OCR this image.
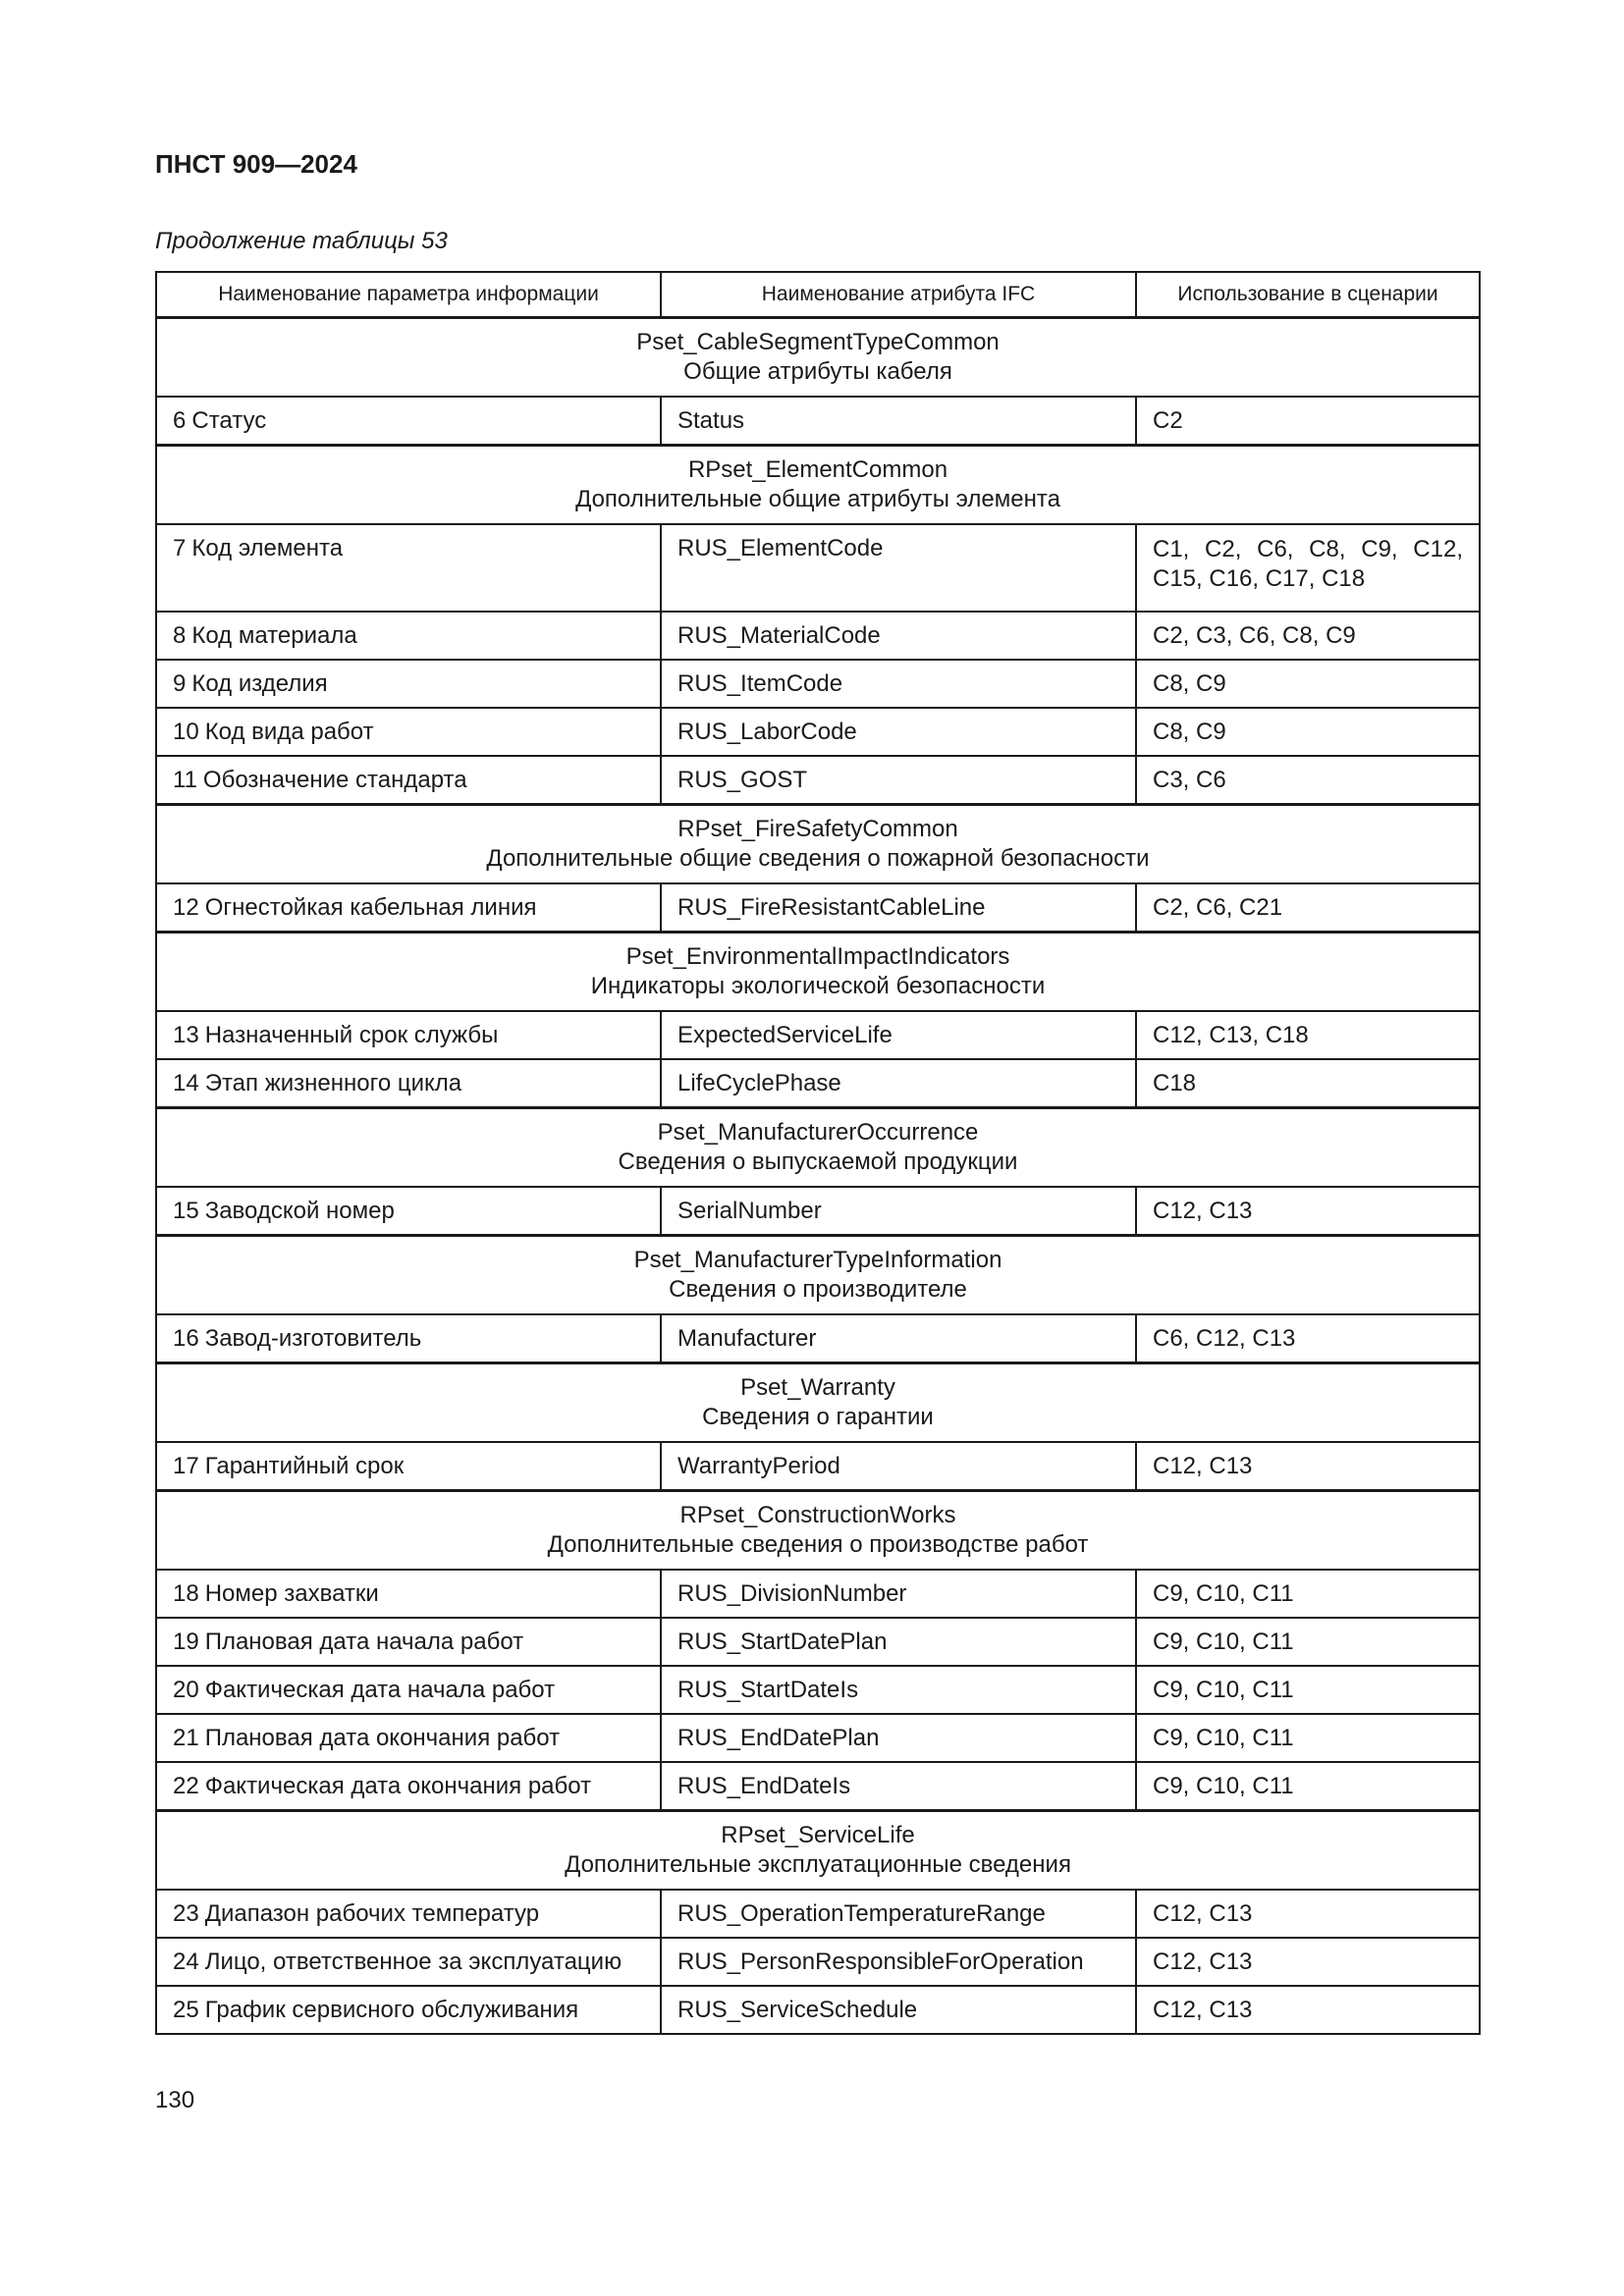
ПНСТ 909—2024
Продолжение таблицы 53
Наименование параметра информации	Наименование атрибута IFC	Использование в сценарии

Pset_CableSegmentTypeCommon
Общие атрибуты кабеля		

6 Статус	Status	C2

RPset_ElementCommon
Дополнительные общие атрибуты элемента		

7 Код элемента	RUS_ElementCode	C1, C2, C6, C8, C9, C12, C15, C16, C17, C18
8 Код материала	RUS_MaterialCode	C2, C3, C6, C8, C9
9 Код изделия	RUS_ItemCode	C8, C9
10 Код вида работ	RUS_LaborCode	C8, C9
11 Обозначение стандарта	RUS_GOST	C3, C6

RPset_FireSafetyCommon
Дополнительные общие сведения о пожарной безопасности		

12 Огнестойкая кабельная линия	RUS_FireResistantCableLine	C2, C6, C21

Pset_EnvironmentalImpactIndicators
Индикаторы экологической безопасности		

13 Назначенный срок службы	ExpectedServiceLife	C12, C13, C18
14 Этап жизненного цикла	LifeCyclePhase	C18

Pset_ManufacturerOccurrence
Сведения о выпускаемой продукции		

15 Заводской номер	SerialNumber	C12, C13

Pset_ManufacturerTypeInformation
Сведения о производителе		

16 Завод-изготовитель	Manufacturer	C6, C12, C13

Pset_Warranty
Сведения о гарантии		

17 Гарантийный срок	WarrantyPeriod	C12, C13

RPset_ConstructionWorks
Дополнительные сведения о производстве работ		

18 Номер захватки	RUS_DivisionNumber	C9, C10, C11
19 Плановая дата начала работ	RUS_StartDatePlan	C9, C10, C11
20 Фактическая дата начала работ	RUS_StartDateIs	C9, C10, C11
21 Плановая дата окончания работ	RUS_EndDatePlan	C9, C10, C11
22 Фактическая дата окончания работ	RUS_EndDateIs	C9, C10, C11

RPset_ServiceLife
Дополнительные эксплуатационные сведения		

23 Диапазон рабочих температур	RUS_OperationTemperatureRange	C12, C13
24 Лицо, ответственное за эксплуатацию	RUS_PersonResponsibleForOperation	C12, C13
25 График сервисного обслуживания	RUS_ServiceSchedule	C12, C13
130
